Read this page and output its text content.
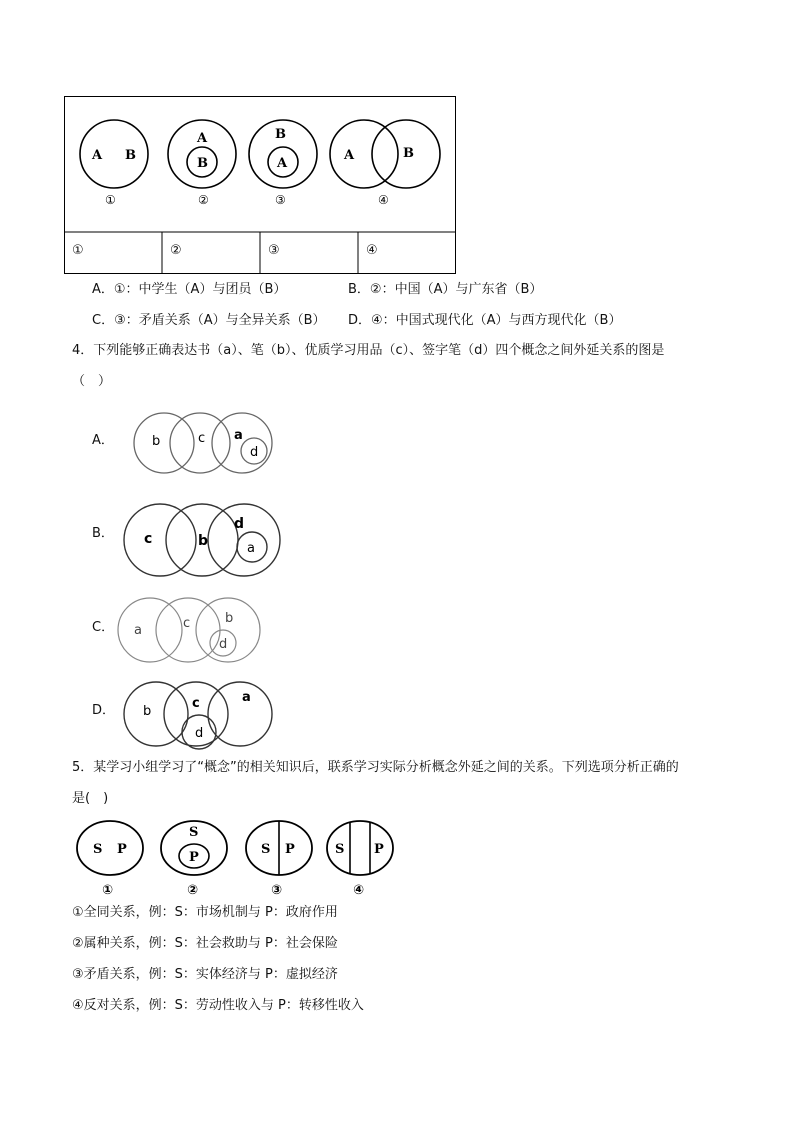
A B
①
A
B
②
B
A
③
A	B
④
①	②	③	④
A．①：中学生（A）与团员（B）	B．②：中国（A）与广东省（B）
C．③：矛盾关系（A）与全异关系（B） D．④：中国式现代化（A）与西方现代化（B）
4．下列能够正确表达书（a）、笔（b）、优质学习用品（c）、签字笔（d）四个概念之间外延关系的图是
（　）
A．	b	c a
d
B． c	b
d
a
C． a	c	b
d
D． b
c	a
d
5．某学习小组学习了“概念”的相关知识后，联系学习实际分析概念外延之间的关系。下列选项分析正确的
是(　)
S P
①
S
P
②
S P
③
S P
④
①全同关系，例：S：市场机制与 P：政府作用
②属种关系，例：S：社会救助与 P：社会保险
③矛盾关系，例：S：实体经济与 P：虚拟经济
④反对关系，例：S：劳动性收入与 P：转移性收入
